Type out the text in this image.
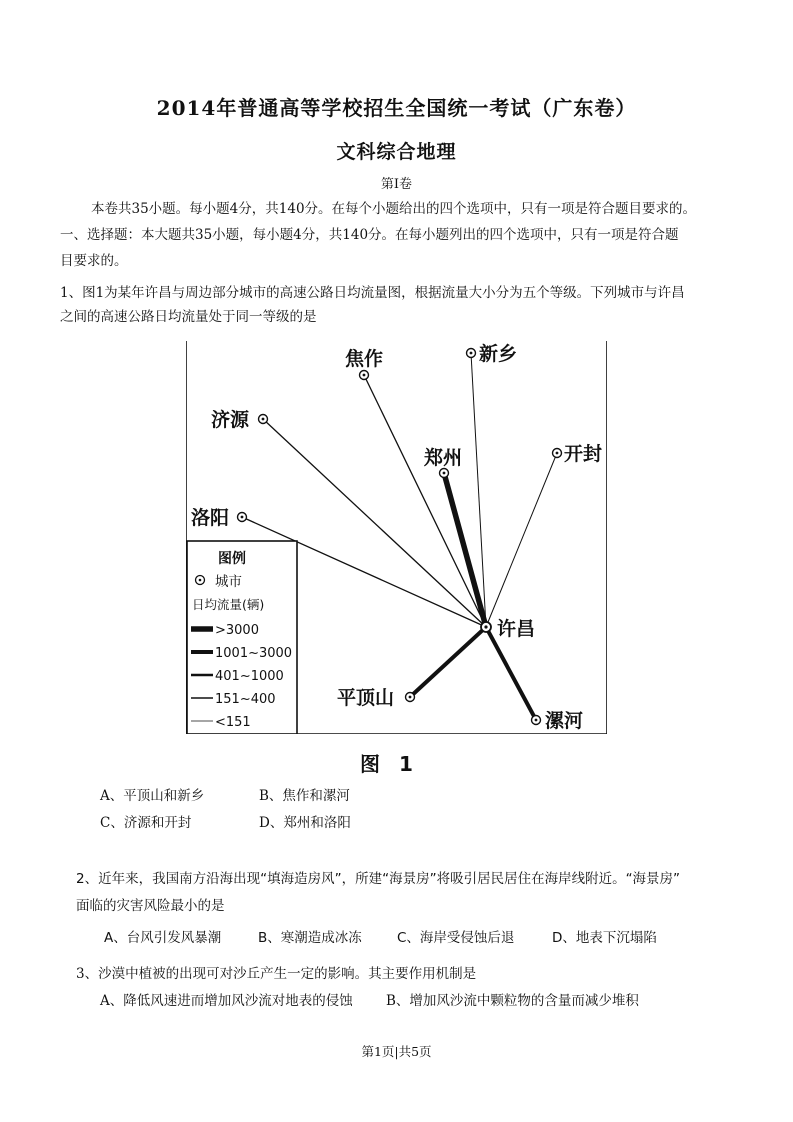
2014年普通高等学校招生全国统一考试（广东卷）
文科综合地理
第Ⅰ卷
本卷共35小题。每小题4分，共140分。在每个小题给出的四个选项中，只有一项是符合题目要求的。
一、选择题：本大题共35小题，每小题4分，共140分。在每小题列出的四个选项中，只有一项是符合题
目要求的。
1、图1为某年许昌与周边部分城市的高速公路日均流量图，根据流量大小分为五个等级。下列城市与许昌
之间的高速公路日均流量处于同一等级的是
焦作	新乡
济源
郑州	开封
洛阳
许昌
平顶山
漯河
图例
城市
日均流量(辆)
>3000
1001~3000
401~1000
151~400
<151
图 1
A、平顶山和新乡	B、焦作和漯河
C、济源和开封	D、郑州和洛阳
2、近年来，我国南方沿海出现“填海造房风”，所建“海景房”将吸引居民居住在海岸线附近。“海景房”
面临的灾害风险最小的是
A、台风引发风暴潮	B、寒潮造成冰冻	C、海岸受侵蚀后退	D、地表下沉塌陷
3、沙漠中植被的出现可对沙丘产生一定的影响。其主要作用机制是
A、降低风速进而增加风沙流对地表的侵蚀 B、增加风沙流中颗粒物的含量而减少堆积
第1页|共5页
